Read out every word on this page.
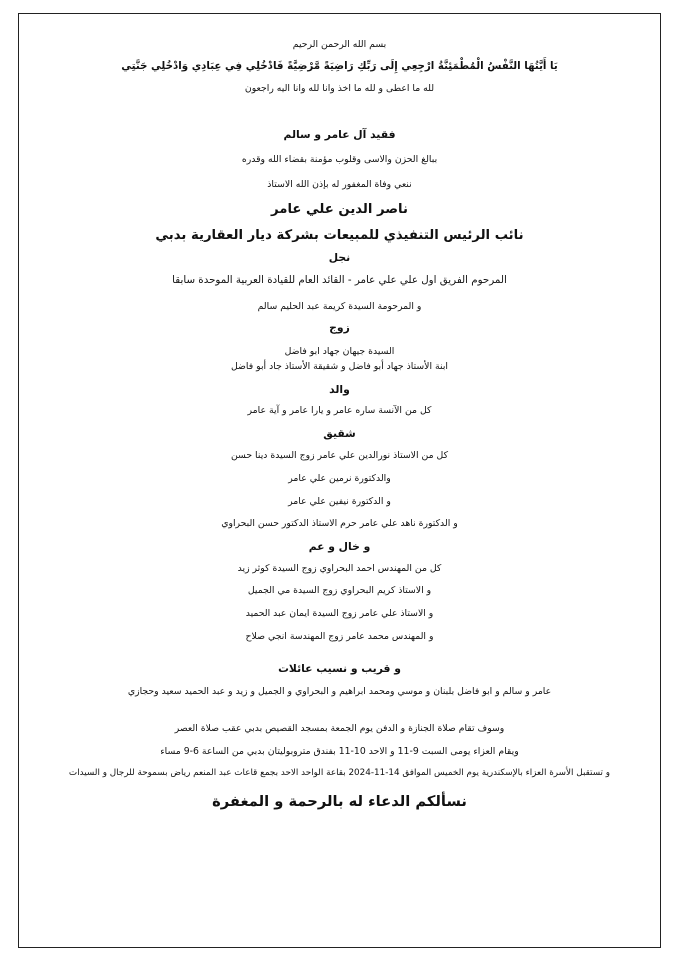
بسم الله الرحمن الرحيم
يَا أَيَّتُهَا النَّفْسُ الْمُطْمَئِنَّةُ ارْجِعِي إِلَى رَبِّكِ رَاضِيَةً مَّرْضِيَّةً فَادْخُلِي فِي عِبَادِي وَادْخُلِي جَنَّتِي
لله ما اعطى و لله ما اخذ وانا لله وانا اليه راجعون
فقيد آل عامر و سالم
ببالغ الحزن والاسى وقلوب مؤمنة بقضاء الله وقدره
ننعي وفاة المغفور له بإذن الله الاستاذ
ناصر الدين علي عامر
نائب الرئيس التنفيذي للمبيعات بشركة ديار العقارية بدبي
نجل
المرحوم الفريق اول علي علي عامر - القائد العام للقيادة العربية الموحدة سابقا
و المرحومة السيدة كريمة عبد الحليم سالم
زوج
السيدة جيهان جهاد ابو فاضل
ابنة الأستاذ جهاد أبو فاضل و شقيقة الأستاذ جاد أبو فاضل
والد
كل من الآنسة ساره عامر و يارا عامر و آية عامر
شقيق
كل من الاستاذ نورالدين علي عامر زوج السيدة دينا حسن
والدكتورة نرمين علي عامر
و الدكتورة نيفين علي عامر
و الدكتورة ناهد علي عامر حرم الاستاذ الدكتور حسن البحراوي
و خال و عم
كل من المهندس احمد البحراوي زوج السيدة كوثر زيد
و الاستاذ كريم البحراوي زوج السيدة مي الجميل
و الاستاذ علي عامر زوج السيدة ايمان عبد الحميد
و المهندس محمد عامر زوج المهندسة انجي صلاح
و قريب و نسيب عائلات
عامر و سالم و ابو فاضل بلبنان و موسي ومحمد ابراهيم و البحراوي و الجميل و زيد و عبد الحميد سعيد وحجازي
وسوف تقام صلاة الجنازة و الدفن يوم الجمعة بمسجد القصيص بدبي عقب صلاة العصر
ويقام العزاء يومى السبت 9-11 و الاحد 10-11 بفندق متروبوليتان بدبي من الساعة 6-9 مساء
و تستقبل الأسرة العزاء بالإسكندرية يوم الخميس الموافق 14-11-2024 بقاعة الواحد الاحد بجمع قاعات عبد المنعم رياض بسموحة للرجال و السيدات
نسألكم الدعاء له بالرحمة و المغفرة
